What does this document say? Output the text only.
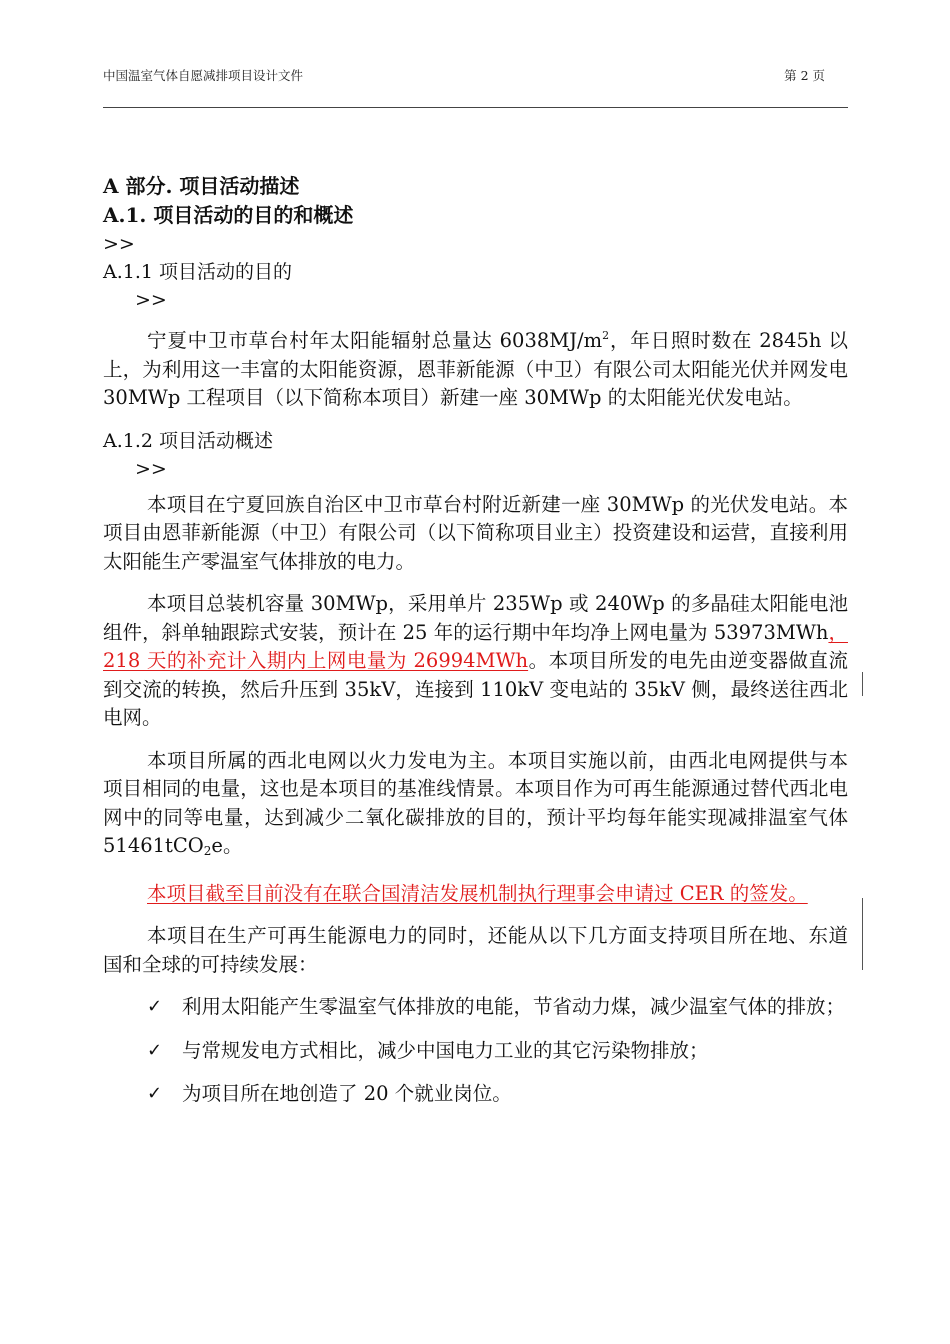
中国温室气体自愿减排项目设计文件	第 2 页

A 部分. 项目活动描述

A.1. 项目活动的目的和概述

>>

A.1.1 项目活动的目的

>>

宁夏中卫市草台村年太阳能辐射总量达 $6038MJ/m^2$，年日照时数在 2845h 以上，为利用这一丰富的太阳能资源，恩菲新能源（中卫）有限公司太阳能光伏并网发电 30MWp 工程项目（以下简称本项目）新建一座 30MWp 的太阳能光伏发电站。

A.1.2 项目活动概述

>>

本项目在宁夏回族自治区中卫市草台村附近新建一座 30MWp 的光伏发电站。本项目由恩菲新能源（中卫）有限公司（以下简称项目业主）投资建设和运营，直接利用太阳能生产零温室气体排放的电力。

本项目总装机容量 30MWp，采用单片 235Wp 或 240Wp 的多晶硅太阳能电池组件，斜单轴跟踪式安装，预计在 25 年的运行期中年均净上网电量为 53973MWh，218 天的补充计入期内上网电量为 26994MWh。本项目所发的电先由逆变器做直流到交流的转换，然后升压到 35kV，连接到 110kV 变电站的 35kV 侧，最终送往西北电网。

本项目所属的西北电网以火力发电为主。本项目实施以前，由西北电网提供与本项目相同的电量，这也是本项目的基准线情景。本项目作为可再生能源通过替代西北电网中的同等电量，达到减少二氧化碳排放的目的，预计平均每年能实现减排温室气体 51461tCO$_2$e。

本项目截至目前没有在联合国清洁发展机制执行理事会申请过 CER 的签发。

本项目在生产可再生能源电力的同时，还能从以下几方面支持项目所在地、东道国和全球的可持续发展：

✓ 利用太阳能产生零温室气体排放的电能，节省动力煤，减少温室气体的排放；
✓ 与常规发电方式相比，减少中国电力工业的其它污染物排放；
✓ 为项目所在地创造了 20 个就业岗位。
